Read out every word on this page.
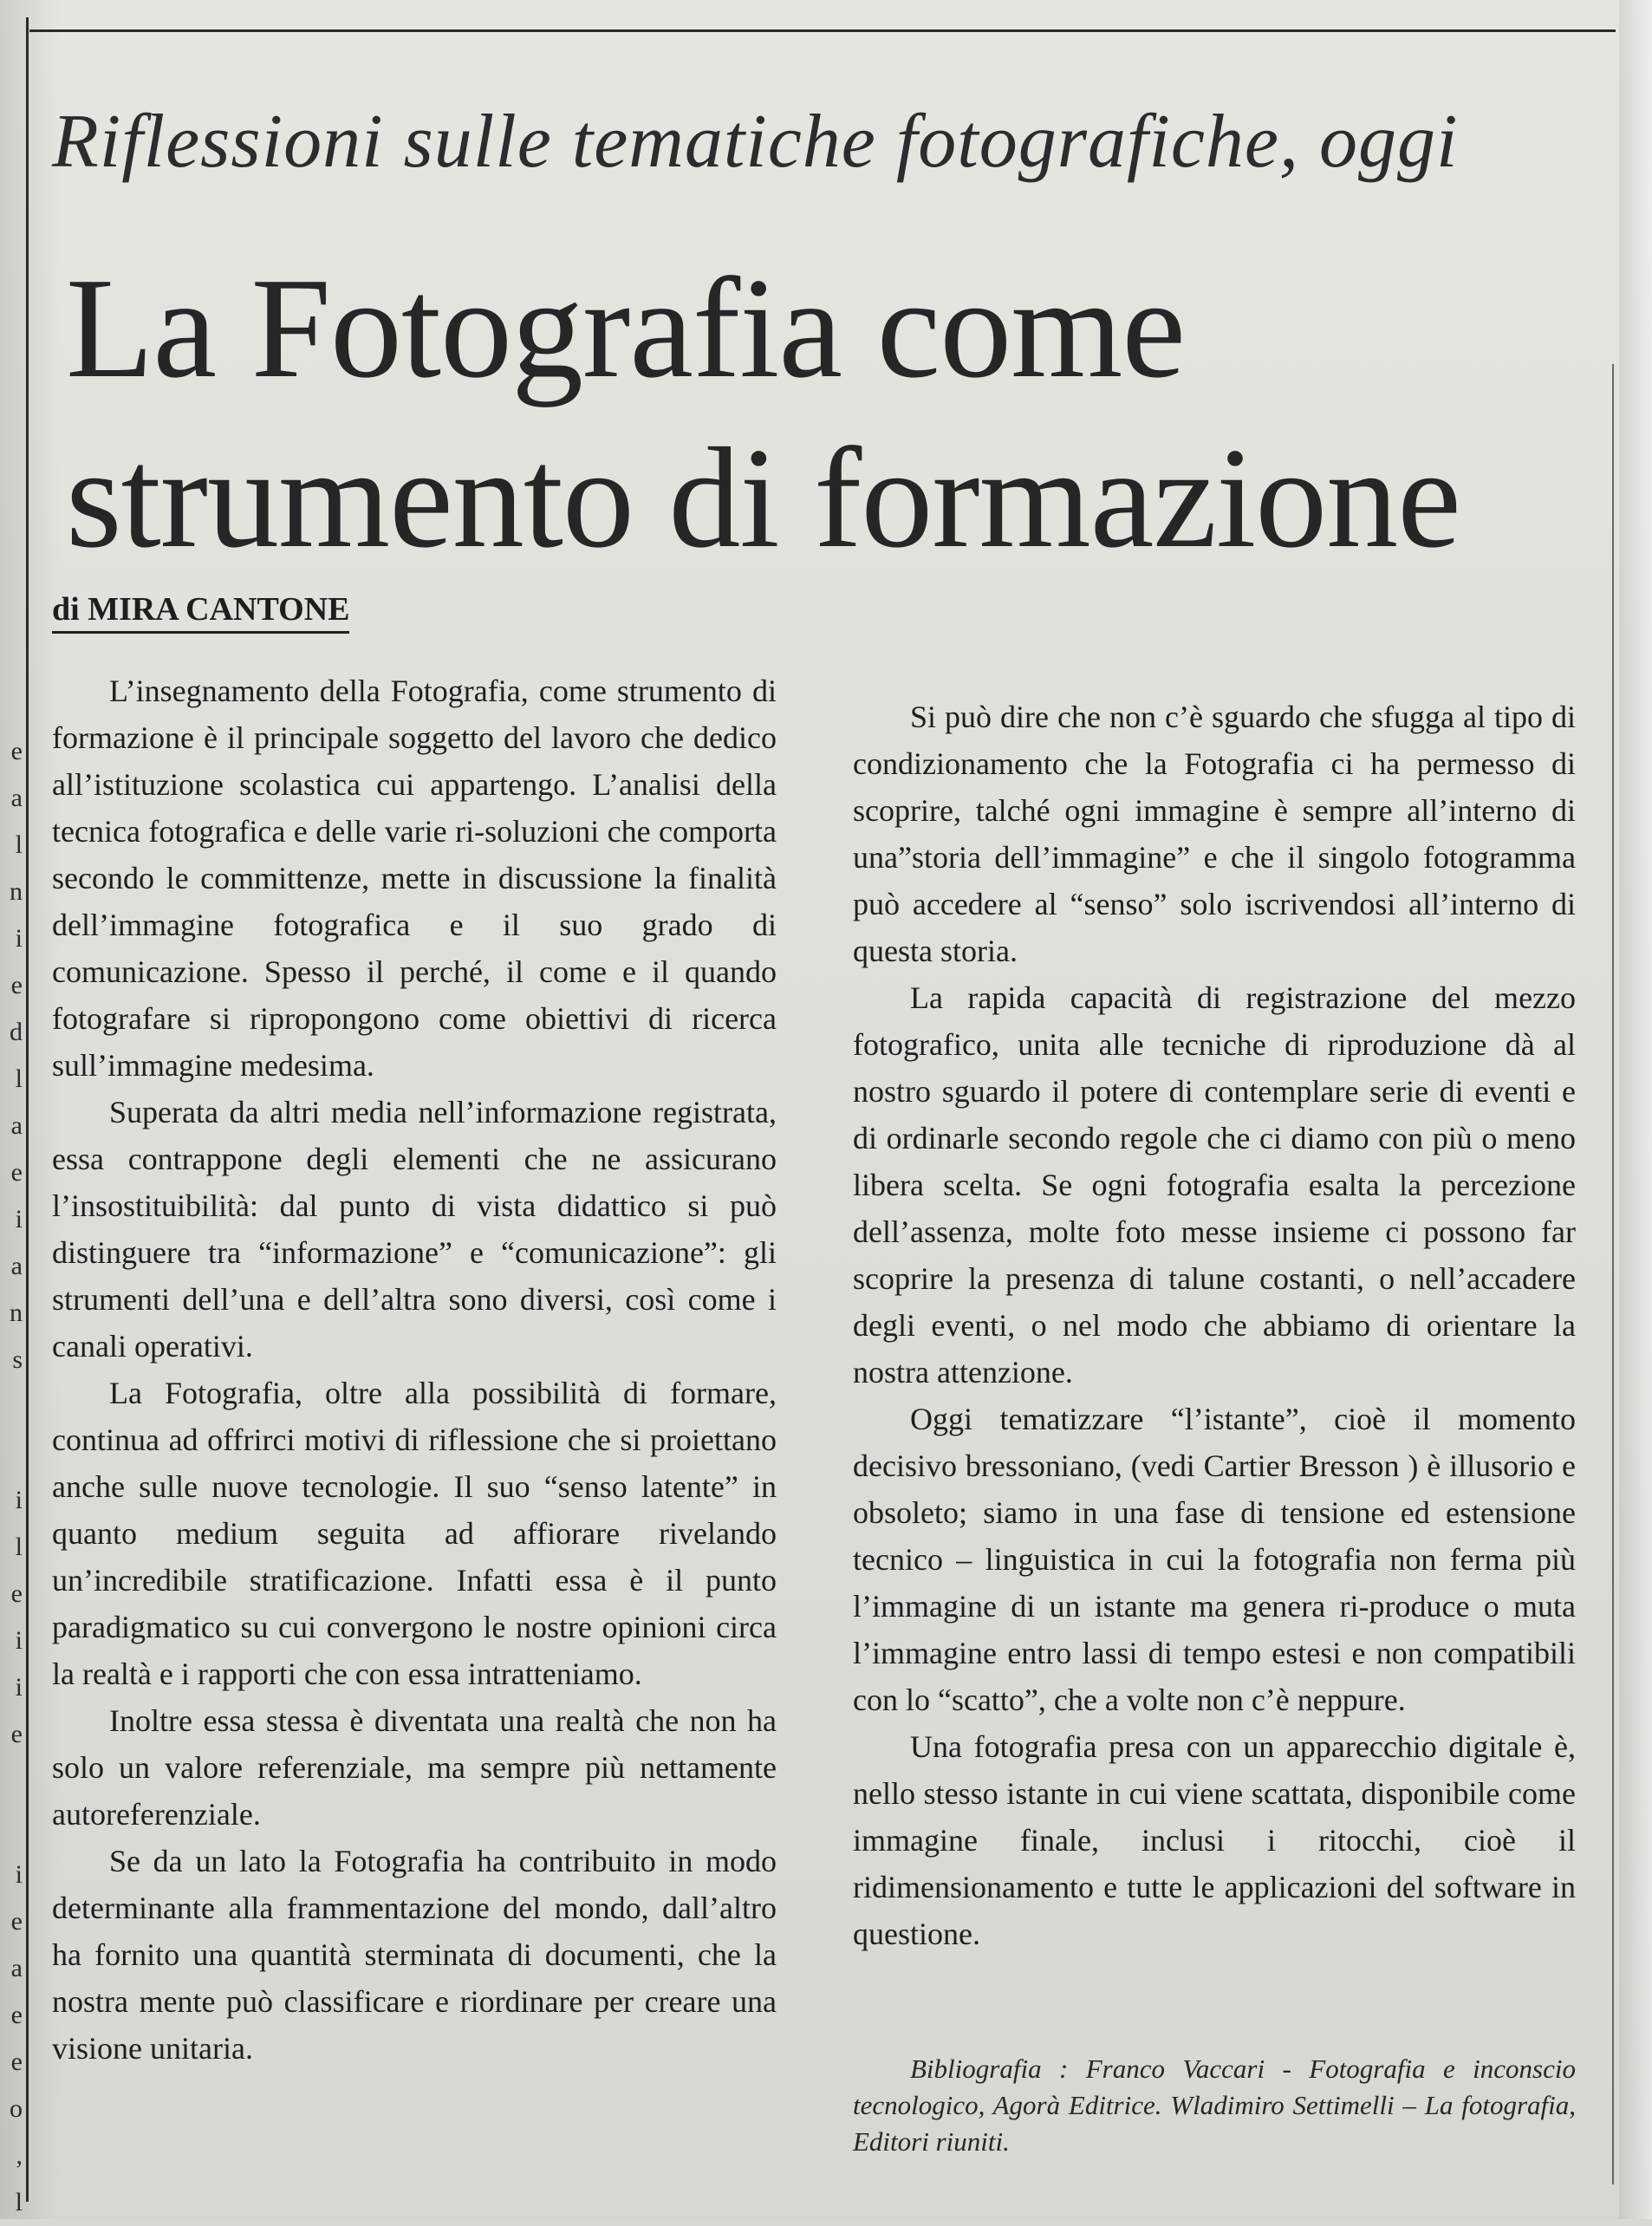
e
a
l
n
i
e
d
l
a
e
i
a
n
s
i
l
e
i
i
e
i
e
a
e
e
o
,
l
Riflessioni sulle tematiche fotografiche, oggi
La Fotografia come strumento di formazione
di MIRA CANTONE

L’insegnamento della Fotografia, come strumento di formazione è il principale soggetto del lavoro che dedico all’istituzione scolastica cui appartengo. L’analisi della tecnica fotografica e delle varie ri-soluzioni che comporta secondo le committenze, mette in discussione la finalità dell’immagine fotografica e il suo grado di comunicazione. Spesso il perché, il come e il quando fotografare si ripropongono come obiettivi di ricerca sull’immagine medesima.

Superata da altri media nell’informazione registrata, essa contrappone degli elementi che ne assicurano l’insostituibilità: dal punto di vista didattico si può distinguere tra “informazione” e “comunicazione”: gli strumenti dell’una e dell’altra sono diversi, così come i canali operativi.

La Fotografia, oltre alla possibilità di formare, continua ad offrirci motivi di riflessione che si proiettano anche sulle nuove tecnologie. Il suo “senso latente” in quanto medium seguita ad affiorare rivelando un’incredibile stratificazione. Infatti essa è il punto paradigmatico su cui convergono le nostre opinioni circa la realtà e i rapporti che con essa intratteniamo.

Inoltre essa stessa è diventata una realtà che non ha solo un valore referenziale, ma sempre più nettamente autoreferenziale.

Se da un lato la Fotografia ha contribuito in modo determinante alla frammentazione del mondo, dall’altro ha fornito una quantità sterminata di documenti, che la nostra mente può classificare e riordinare per creare una visione unitaria.

Si può dire che non c’è sguardo che sfugga al tipo di condizionamento che la Fotografia ci ha permesso di scoprire, talché ogni immagine è sempre all’interno di una”storia dell’immagine” e che il singolo fotogramma può accedere al “senso” solo iscrivendosi all’interno di questa storia.

La rapida capacità di registrazione del mezzo fotografico, unita alle tecniche di riproduzione dà al nostro sguardo il potere di contemplare serie di eventi e di ordinarle secondo regole che ci diamo con più o meno libera scelta. Se ogni fotografia esalta la percezione dell’assenza, molte foto messe insieme ci possono far scoprire la presenza di talune costanti, o nell’accadere degli eventi, o nel modo che abbiamo di orientare la nostra attenzione.

Oggi tematizzare “l’istante”, cioè il momento decisivo bressoniano, (vedi Cartier Bresson ) è illusorio e obsoleto; siamo in una fase di tensione ed estensione tecnico – linguistica in cui la fotografia non ferma più l’immagine di un istante ma genera ri-produce o muta l’immagine entro lassi di tempo estesi e non compatibili con lo “scatto”, che a volte non c’è neppure.

Una fotografia presa con un apparecchio digitale è, nello stesso istante in cui viene scattata, disponibile come immagine finale, inclusi i ritocchi, cioè il ridimensionamento e tutte le applicazioni del software in questione.

Bibliografia : Franco Vaccari - Fotografia e inconscio tecnologico, Agorà Editrice. Wladimiro Settimelli – La fotografia, Editori riuniti.
